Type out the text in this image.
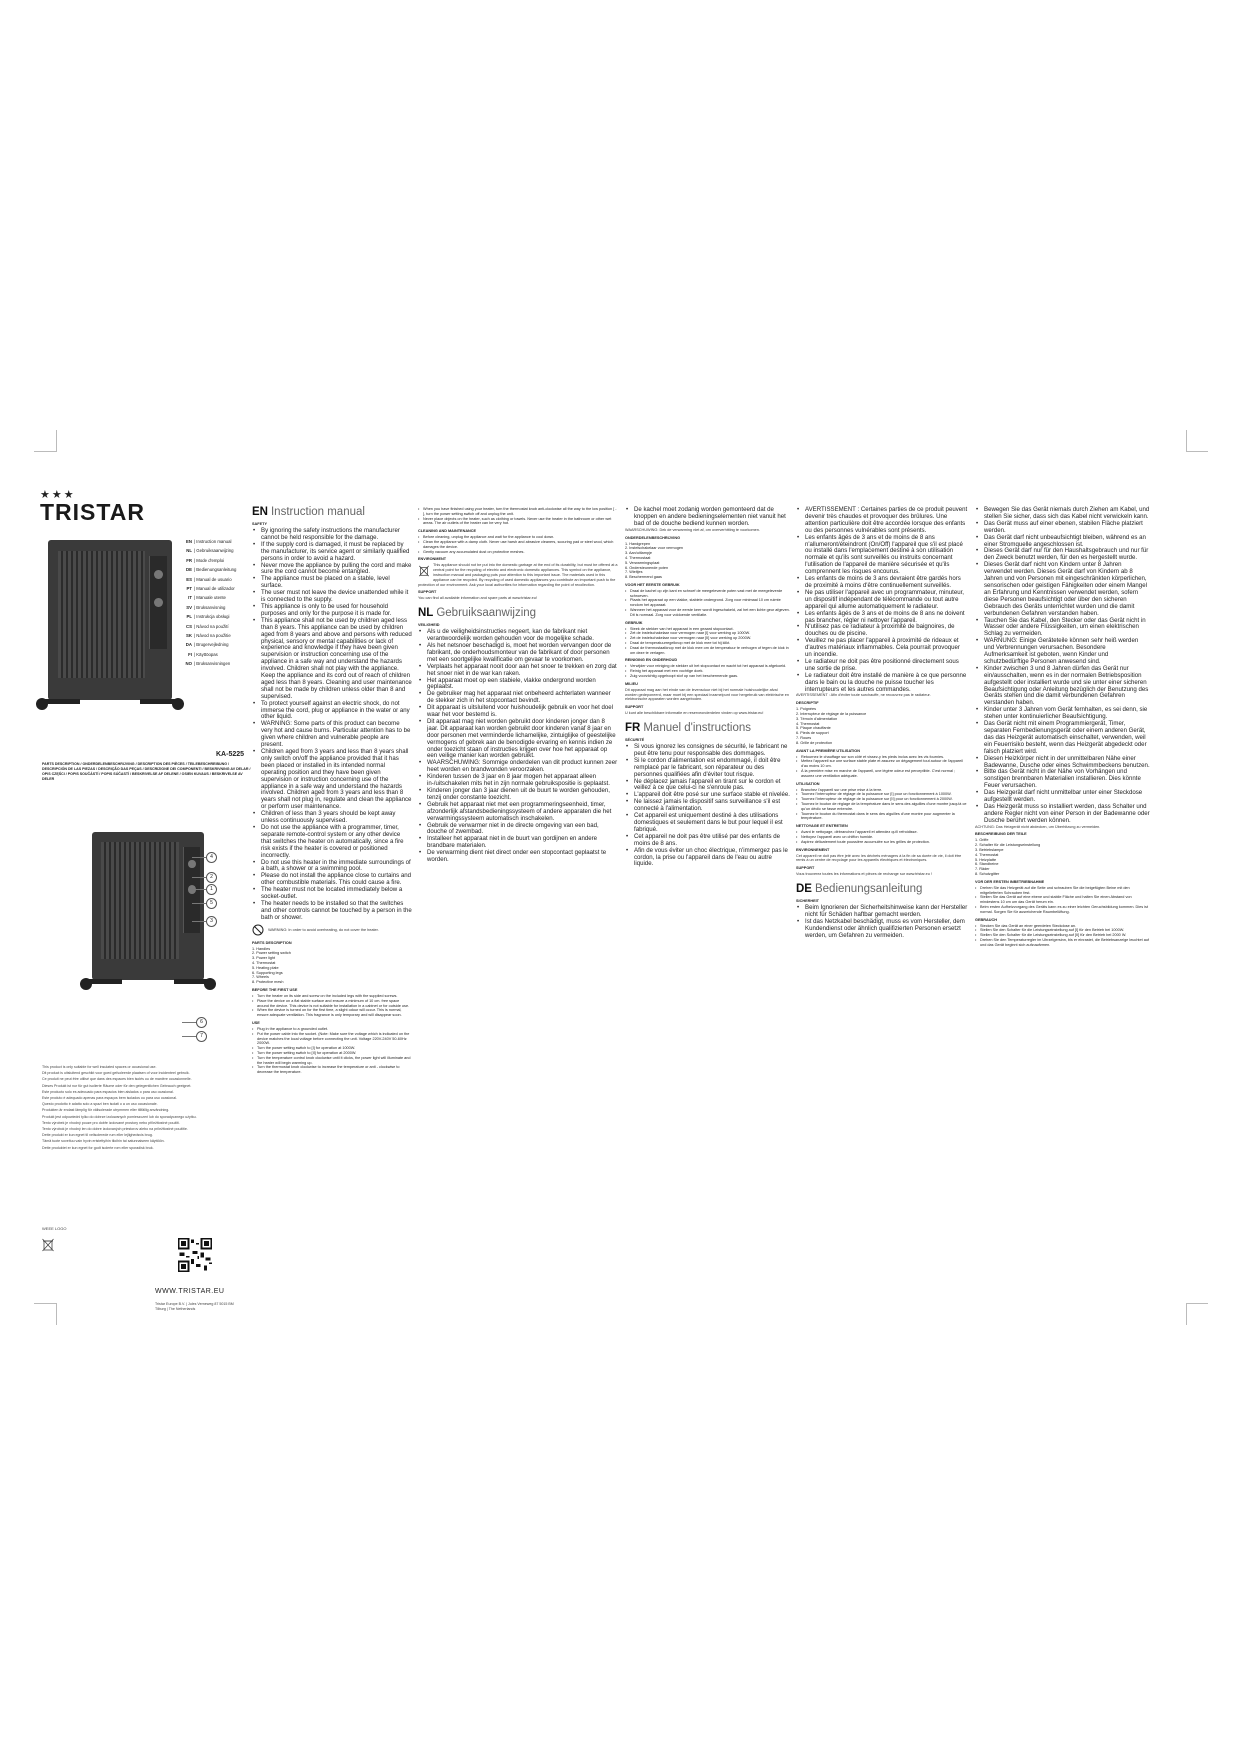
★★★
TRISTAR
EN | Instruction manual
NL | Gebruiksaanwijzing
FR | Mode d'emploi
DE | Bedienungsanleitung
ES | Manual de usuario
PT | Manual de utilizador
IT | Manuale utente
SV | Bruksanvisning
PL | Instrukcja obsługi
CS | Návod na použití
SK | Návod na použitie
DA | Brugervejledning
FI | Käyttöopas
NO | Bruksanvisningen
KA-5225
PARTS DESCRIPTION / ONDERDELENBESCHRIJVING / DESCRIPTION DES PIÈCES / TEILEBESCHREIBUNG / DESCRIPCIÓN DE LAS PIEZAS / DESCRIÇÃO DAS PEÇAS / DESCRIZIONE DEI COMPONENTI / BESKRIVNING AV DELAR / OPIS CZĘŚCI / POPIS SOUČÁSTÍ / POPIS SÚČASTÍ / BESKRIVELSE AF DELENE / OSIEN KUVAUS / BESKRIVELSE AV DELER
4
2
1
5
3
6
7
This product is only suitable for well insulated spaces or occasional use.
Dit product is uitsluitend geschikt voor goed geïsoleerde plaatsen of voor incidenteel gebruik.
Ce produit ne peut être utilisé que dans des espaces bien isolés ou de manière occasionnelle.
Dieses Produkt ist nur für gut isolierte Räume oder für den gelegentlichen Gebrauch geeignet.
Este producto solo es adecuado para espacios bien aislados o para uso ocasional.
Este produto é adequado apenas para espaços bem isolados ou para uso ocasional.
Questo prodotto è adatto solo a spazi ben isolati o a un uso occasionale.
Produkten är endast lämplig för välisolerade utrymmen eller tillfällig användning.
Produkt jest odpowiedni tylko do dobrze izolowanych pomieszczeń lub do sporadycznego użytku.
Tento výrobek je vhodný pouze pro dobře izolované prostory nebo příležitostné použití.
Tento výrobok je vhodný len do dobre izolovaných priestorov alebo na príležitostné použitie.
Dette produkt er kun egnet til velisolerede rum eller lejlighedsvis brug.
Tämä tuote soveltuu vain hyvin eristettyihin tiloihin tai satunnaiseen käyttöön.
Dette produktet er kun egnet for godt isolerte rom eller sporadisk bruk.
WEEE LOGO
WWW.TRISTAR.EU
Tristar Europe B.V. | Jules Verneweg 87 5015 BM Tilburg | The Netherlands
EN Instruction manual
SAFETY
• By ignoring the safety instructions the manufacturer cannot be held responsible for the damage.
• If the supply cord is damaged, it must be replaced by the manufacturer, its service agent or similarly qualified persons in order to avoid a hazard.
• Never move the appliance by pulling the cord and make sure the cord cannot become entangled.
• The appliance must be placed on a stable, level surface.
• The user must not leave the device unattended while it is connected to the supply.
• This appliance is only to be used for household purposes and only for the purpose it is made for.
• This appliance shall not be used by children aged less than 8 years. This appliance can be used by children aged from 8 years and above and persons with reduced physical, sensory or mental capabilities or lack of experience and knowledge if they have been given supervision or instruction concerning use of the appliance in a safe way and understand the hazards involved. Children shall not play with the appliance. Keep the appliance and its cord out of reach of children aged less than 8 years. Cleaning and user maintenance shall not be made by children unless older than 8 and supervised.
• To protect yourself against an electric shock, do not immerse the cord, plug or appliance in the water or any other liquid.
• WARNING: Some parts of this product can become very hot and cause burns. Particular attention has to be given where children and vulnerable people are present.
• Children aged from 3 years and less than 8 years shall only switch on/off the appliance provided that it has been placed or installed in its intended normal operating position and they have been given supervision or instruction concerning use of the appliance in a safe way and understand the hazards involved. Children aged from 3 years and less than 8 years shall not plug in, regulate and clean the appliance or perform user maintenance.
• Children of less than 3 years should be kept away unless continuously supervised.
• Do not use the appliance with a programmer, timer, separate remote-control system or any other device that switches the heater on automatically, since a fire risk exists if the heater is covered or positioned incorrectly.
• Do not use this heater in the immediate surroundings of a bath, a shower or a swimming pool.
• Please do not install the appliance close to curtains and other combustible materials. This could cause a fire.
• The heater must not be located immediately below a socket-outlet.
• The heater needs to be installed so that the switches and other controls cannot be touched by a person in the bath or shower.
WARNING: In order to avoid overheating, do not cover the heater.
PARTS DESCRIPTION
1. Handles
2. Power setting switch
3. Power light
4. Thermostat
5. Heating plate
6. Supporting legs
7. Wheels
8. Protective mesh
BEFORE THE FIRST USE
• Turn the heater on its side and screw on the included legs with the supplied screws.
• Place the device on a flat stable surface and ensure a minimum of 10 cm. free space around the device. This device is not suitable for installation in a cabinet or for outside use.
• When the device is turned on for the first time, a slight odour will occur. This is normal, ensure adequate ventilation. This fragrance is only temporary and will disappear soon.
USE
• Plug in the appliance to a grounded outlet.
• Put the power cable into the socket. (Note: Make sure the voltage which is indicated on the device matches the local voltage before connecting the unit. Voltage 220V-240V 50-60Hz 2000W.
• Turn the power setting switch to [I] for operation at 1000W.
• Turn the power setting switch to [II] for operation at 2000W.
• Turn the temperature control knob clockwise until it clicks, the power light will illuminate and the heater will begin warming up.
• Turn the thermostat knob clockwise to increase the temperature or anti - clockwise to decrease the temperature.
• When you have finished using your heater, turn the thermostat knob anti-clockwise all the way to the low position [ - ], turn the power setting switch off and unplug the unit.
• Never place objects on the heater, such as clothing or towels. Never use the heater in the bathroom or other wet areas. The air outlets of the heater can be very hot.
CLEANING AND MAINTENANCE
• Before cleaning, unplug the appliance and wait for the appliance to cool down.
• Clean the appliance with a damp cloth. Never use harsh and abrasive cleaners, scouring pad or steel wool, which damages the device.
• Gently vacuum any accumulated dust on protective meshes.
ENVIRONMENT
This appliance should not be put into the domestic garbage at the end of its durability, but must be offered at a central point for the recycling of electric and electronic domestic appliances. This symbol on the appliance, instruction manual and packaging puts your attention to this important issue. The materials used in this appliance can be recycled. By recycling of used domestic appliances you contribute an important push to the protection of our environment. Ask your local authorities for information regarding the point of recollection.
SUPPORT
You can find all available information and spare parts at www.tristar.eu!
NL Gebruiksaanwijzing
VEILIGHEID
• Als u de veiligheidsinstructies negeert, kan de fabrikant niet verantwoordelijk worden gehouden voor de mogelijke schade.
• Als het netsnoer beschadigd is, moet het worden vervangen door de fabrikant, de onderhoudsmonteur van de fabrikant of door personen met een soortgelijke kwalificatie om gevaar te voorkomen.
• Verplaats het apparaat nooit door aan het snoer te trekken en zorg dat het snoer niet in de war kan raken.
• Het apparaat moet op een stabiele, vlakke ondergrond worden geplaatst.
• De gebruiker mag het apparaat niet onbeheerd achterlaten wanneer de stekker zich in het stopcontact bevindt.
• Dit apparaat is uitsluitend voor huishoudelijk gebruik en voor het doel waar het voor bestemd is.
• Dit apparaat mag niet worden gebruikt door kinderen jonger dan 8 jaar. Dit apparaat kan worden gebruikt door kinderen vanaf 8 jaar en door personen met verminderde lichamelijke, zintuiglijke of geestelijke vermogens of gebrek aan de benodigde ervaring en kennis indien ze onder toezicht staan of instructies krijgen over hoe het apparaat op een veilige manier kan worden gebruikt.
• WAARSCHUWING: Sommige onderdelen van dit product kunnen zeer heet worden en brandwonden veroorzaken.
• Kinderen tussen de 3 jaar en 8 jaar mogen het apparaat alleen in-/uitschakelen mits het in zijn normale gebruikspositie is geplaatst.
• Kinderen jonger dan 3 jaar dienen uit de buurt te worden gehouden, tenzij onder constante toezicht.
• Gebruik het apparaat niet met een programmeringseenheid, timer, afzonderlijk afstandsbedieningssysteem of andere apparaten die het verwarmingssysteem automatisch inschakelen.
• Gebruik de verwarmer niet in de directe omgeving van een bad, douche of zwembad.
• Installeer het apparaat niet in de buurt van gordijnen en andere brandbare materialen.
• De verwarming dient niet direct onder een stopcontact geplaatst te worden.
• De kachel moet zodanig worden gemonteerd dat de knoppen en andere bedieningselementen niet vanuit het bad of de douche bediend kunnen worden.
WAARSCHUWING: Dek de verwarming niet af, om oververhitting te voorkomen.
ONDERDELENBESCHRIJVING
1. Handgrepen
2. Instelschakelaar voor vermogen
3. Aan/uitlampje
4. Thermostaat
5. Verwarmingsplaat
6. Ondersteunende poten
7. Wieltjes
8. Beschermend gaas
VOOR HET EERSTE GEBRUIK
• Draai de kachel op zijn kant en schroef de meegeleverde poten vast met de meegeleverde schroeven.
• Plaats het apparaat op een vlakke, stabiele ondergrond. Zorg voor minimaal 10 cm ruimte rondom het apparaat.
• Wanneer het apparaat voor de eerste keer wordt ingeschakeld, zal het een lichte geur afgeven. Dit is normaal. Zorg voor voldoende ventilatie.
GEBRUIK
• Steek de stekker van het apparaat in een geaard stopcontact.
• Zet de instelschakelaar voor vermogen naar [I] voor werking op 1000W.
• Zet de instelschakelaar voor vermogen naar [II] voor werking op 2000W.
• Draai de temperatuurregelknop met de klok mee tot hij klikt.
• Draai de thermostaatknop met de klok mee om de temperatuur te verhogen of tegen de klok in om deze te verlagen.
REINIGING EN ONDERHOUD
• Verwijder voor reiniging de stekker uit het stopcontact en wacht tot het apparaat is afgekoeld.
• Reinig het apparaat met een vochtige doek.
• Zuig voorzichtig opgehoopt stof op van het beschermende gaas.
MILIEU
Dit apparaat mag aan het einde van de levensduur niet bij het normale huishoudelijke afval worden gedeponeerd, maar moet bij een speciaal inzamelpunt voor hergebruik van elektrische en elektronische apparaten worden aangeboden.
SUPPORT
U kunt alle beschikbare informatie en reserveonderdelen vinden op www.tristar.eu!
FR Manuel d'instructions
SÉCURITÉ
• Si vous ignorez les consignes de sécurité, le fabricant ne peut être tenu pour responsable des dommages.
• Si le cordon d'alimentation est endommagé, il doit être remplacé par le fabricant, son réparateur ou des personnes qualifiées afin d'éviter tout risque.
• Ne déplacez jamais l'appareil en tirant sur le cordon et veillez à ce que celui-ci ne s'enroule pas.
• L'appareil doit être posé sur une surface stable et nivelée.
• Ne laissez jamais le dispositif sans surveillance s'il est connecté à l'alimentation.
• Cet appareil est uniquement destiné à des utilisations domestiques et seulement dans le but pour lequel il est fabriqué.
• Cet appareil ne doit pas être utilisé par des enfants de moins de 8 ans.
• Afin de vous éviter un choc électrique, n'immergez pas le cordon, la prise ou l'appareil dans de l'eau ou autre liquide.
• AVERTISSEMENT : Certaines parties de ce produit peuvent devenir très chaudes et provoquer des brûlures. Une attention particulière doit être accordée lorsque des enfants ou des personnes vulnérables sont présents.
• Les enfants âgés de 3 ans et de moins de 8 ans n'allumeront/éteindront (On/Off) l'appareil que s'il est placé ou installé dans l'emplacement destiné à son utilisation normale et qu'ils sont surveillés ou instruits concernant l'utilisation de l'appareil de manière sécurisée et qu'ils comprennent les risques encourus.
• Les enfants de moins de 3 ans devraient être gardés hors de proximité à moins d'être continuellement surveillés.
• Ne pas utiliser l'appareil avec un programmateur, minuteur, un dispositif indépendant de télécommande ou tout autre appareil qui allume automatiquement le radiateur.
• Les enfants âgés de 3 ans et de moins de 8 ans ne doivent pas brancher, régler ni nettoyer l'appareil.
• N'utilisez pas ce radiateur à proximité de baignoires, de douches ou de piscine.
• Veuillez ne pas placer l'appareil à proximité de rideaux et d'autres matériaux inflammables. Cela pourrait provoquer un incendie.
• Le radiateur ne doit pas être positionné directement sous une sortie de prise.
• Le radiateur doit être installé de manière à ce que personne dans le bain ou la douche ne puisse toucher les interrupteurs et les autres commandes.
AVERTISSEMENT : Afin d'éviter toute surchauffe, ne recouvrez pas le radiateur.
DESCRIPTIF
1. Poignées
2. Interrupteur de réglage de la puissance
3. Témoin d'alimentation
4. Thermostat
5. Plaque chauffante
6. Pieds de support
7. Roues
8. Grille de protection
AVANT LA PREMIÈRE UTILISATION
• Retournez le chauffage sur son côté et vissez-y les pieds inclus avec les vis fournies.
• Mettez l'appareil sur une surface stable plate et assurez un dégagement tout autour de l'appareil d'au moins 10 cm.
• À la première mise en marche de l'appareil, une légère odeur est perceptible. C'est normal ; assurez une ventilation adéquate.
UTILISATION
• Branchez l'appareil sur une prise mise à la terre.
• Tournez l'interrupteur de réglage de la puissance sur [I] pour un fonctionnement à 1000W.
• Tournez l'interrupteur de réglage de la puissance sur [II] pour un fonctionnement à 2000W.
• Tournez le bouton de réglage de la température dans le sens des aiguilles d'une montre jusqu'à ce qu'un déclic se fasse entendre.
• Tournez le bouton du thermostat dans le sens des aiguilles d'une montre pour augmenter la température.
NETTOYAGE ET ENTRETIEN
• Avant le nettoyage, débranchez l'appareil et attendez qu'il refroidisse.
• Nettoyez l'appareil avec un chiffon humide.
• Aspirez délicatement toute poussière accumulée sur les grilles de protection.
ENVIRONNEMENT
Cet appareil ne doit pas être jeté avec les déchets ménagers à la fin de sa durée de vie, il doit être remis à un centre de recyclage pour les appareils électriques et électroniques.
SUPPORT
Vous trouverez toutes les informations et pièces de rechange sur www.tristar.eu !
DE Bedienungsanleitung
SICHERHEIT
• Beim Ignorieren der Sicherheitshinweise kann der Hersteller nicht für Schäden haftbar gemacht werden.
• Ist das Netzkabel beschädigt, muss es vom Hersteller, dem Kundendienst oder ähnlich qualifizierten Personen ersetzt werden, um Gefahren zu vermeiden.
• Bewegen Sie das Gerät niemals durch Ziehen am Kabel, und stellen Sie sicher, dass sich das Kabel nicht verwickeln kann.
• Das Gerät muss auf einer ebenen, stabilen Fläche platziert werden.
• Das Gerät darf nicht unbeaufsichtigt bleiben, während es an einer Stromquelle angeschlossen ist.
• Dieses Gerät darf nur für den Haushaltsgebrauch und nur für den Zweck benutzt werden, für den es hergestellt wurde.
• Dieses Gerät darf nicht von Kindern unter 8 Jahren verwendet werden. Dieses Gerät darf von Kindern ab 8 Jahren und von Personen mit eingeschränkten körperlichen, sensorischen oder geistigen Fähigkeiten oder einem Mangel an Erfahrung und Kenntnissen verwendet werden, sofern diese Personen beaufsichtigt oder über den sicheren Gebrauch des Geräts unterrichtet wurden und die damit verbundenen Gefahren verstanden haben.
• Tauchen Sie das Kabel, den Stecker oder das Gerät nicht in Wasser oder andere Flüssigkeiten, um einen elektrischen Schlag zu vermeiden.
• WARNUNG: Einige Geräteteile können sehr heiß werden und Verbrennungen verursachen. Besondere Aufmerksamkeit ist geboten, wenn Kinder und schutzbedürftige Personen anwesend sind.
• Kinder zwischen 3 und 8 Jahren dürfen das Gerät nur ein/ausschalten, wenn es in der normalen Betriebsposition aufgestellt oder installiert wurde und sie unter einer sicheren Beaufsichtigung oder Anleitung bezüglich der Benutzung des Geräts stehen und die damit verbundenen Gefahren verstanden haben.
• Kinder unter 3 Jahren vom Gerät fernhalten, es sei denn, sie stehen unter kontinuierlicher Beaufsichtigung.
• Das Gerät nicht mit einem Programmiergerät, Timer, separaten Fernbedienungsgerät oder einem anderen Gerät, das das Heizgerät automatisch einschaltet, verwenden, weil ein Feuerrisiko besteht, wenn das Heizgerät abgedeckt oder falsch platziert wird.
• Diesen Heizkörper nicht in der unmittelbaren Nähe einer Badewanne, Dusche oder eines Schwimmbeckens benutzen.
• Bitte das Gerät nicht in der Nähe von Vorhängen und sonstigen brennbaren Materialien installieren. Dies könnte Feuer verursachen.
• Das Heizgerät darf nicht unmittelbar unter einer Steckdose aufgestellt werden.
• Das Heizgerät muss so installiert werden, dass Schalter und andere Regler nicht von einer Person in der Badewanne oder Dusche berührt werden können.
ACHTUNG: Das Heizgerät nicht abdecken, um Überhitzung zu vermeiden.
BESCHREIBUNG DER TEILE
1. Griffe
2. Schalter für die Leistungseinstellung
3. Betriebslampe
4. Thermostat
5. Heizplatte
6. Standbeine
7. Räder
8. Schutzgitter
VOR DER ERSTEN INBETRIEBNAHME
• Drehen Sie das Heizgerät auf die Seite und schrauben Sie die beigefügten Beine mit den mitgelieferten Schrauben fest.
• Stellen Sie das Gerät auf eine ebene und stabile Fläche und halten Sie einen Abstand von mindestens 10 cm um das Gerät herum ein.
• Beim ersten Aufheizvorgang des Geräts kann es zu einer leichten Geruchsbildung kommen. Dies ist normal. Sorgen Sie für ausreichende Raumbelüftung.
GEBRAUCH
• Stecken Sie das Gerät an einer geerdeten Steckdose an.
• Stellen Sie den Schalter für die Leistungseinstellung auf [I] für den Betrieb bei 1000W.
• Stellen Sie den Schalter für die Leistungseinstellung auf [II] für den Betrieb bei 2000 W.
• Drehen Sie den Temperaturregler im Uhrzeigersinn, bis er einrastet, die Betriebsanzeige leuchtet auf und das Gerät beginnt sich aufzuwärmen.
